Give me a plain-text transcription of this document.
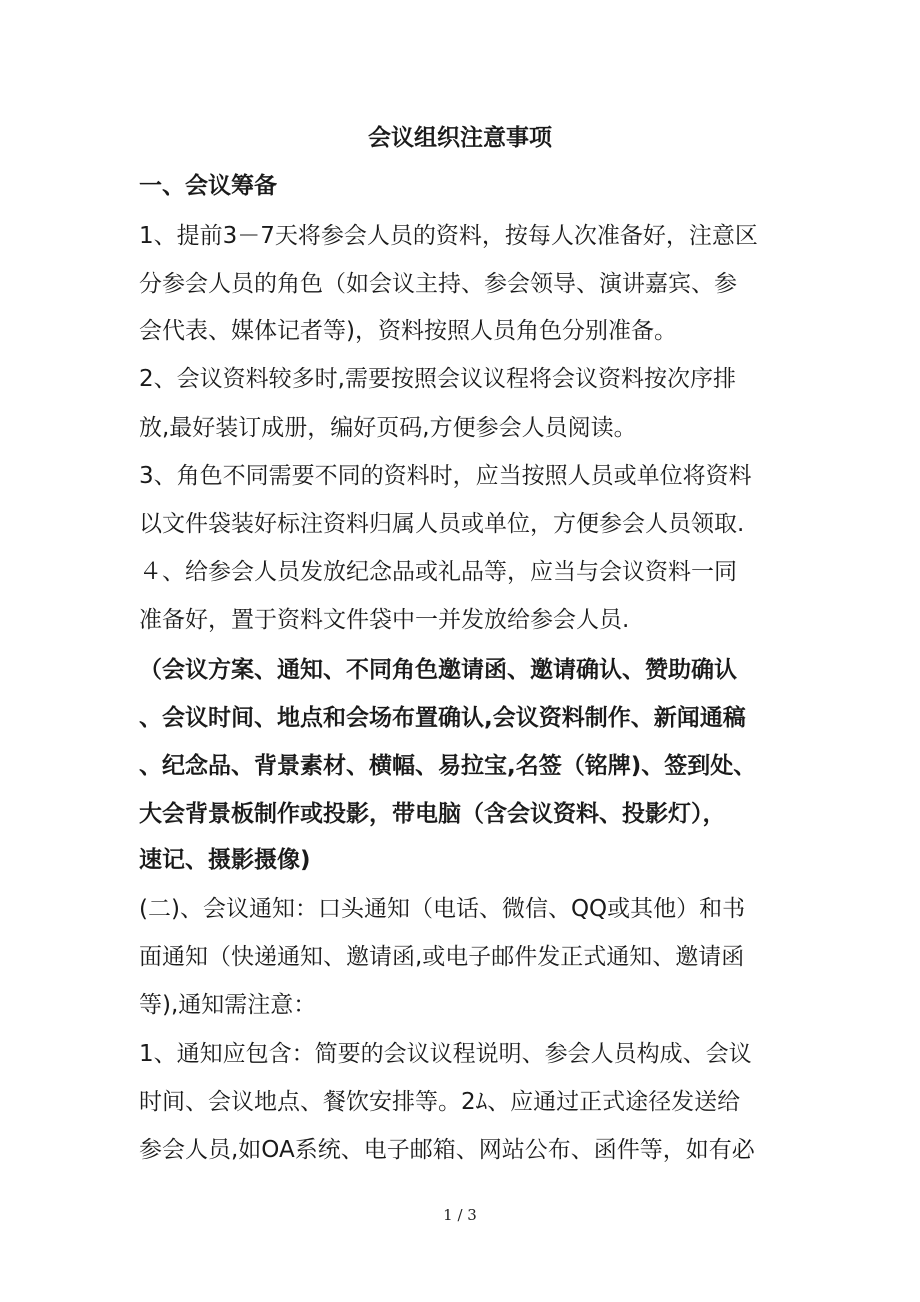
会议组织注意事项
一、会议筹备
1、提前3－7天将参会人员的资料，按每人次准备好，注意区
分参会人员的角色（如会议主持、参会领导、演讲嘉宾、参
会代表、媒体记者等)，资料按照人员角色分别准备。
2、会议资料较多时,需要按照会议议程将会议资料按次序排
放,最好装订成册，编好页码,方便参会人员阅读。
3、角色不同需要不同的资料时，应当按照人员或单位将资料
以文件袋装好标注资料归属人员或单位，方便参会人员领取.
４、给参会人员发放纪念品或礼品等，应当与会议资料一同
准备好，置于资料文件袋中一并发放给参会人员.
（会议方案、通知、不同角色邀请函、邀请确认、赞助确认
、会议时间、地点和会场布置确认,会议资料制作、新闻通稿
、纪念品、背景素材、横幅、易拉宝,名签（铭牌)、签到处、
大会背景板制作或投影，带电脑（含会议资料、投影灯），
速记、摄影摄像)
(二)、会议通知：口头通知（电话、微信、QQ或其他）和书
面通知（快递通知、邀请函,或电子邮件发正式通知、邀请函
等),通知需注意：
1、通知应包含：简要的会议议程说明、参会人员构成、会议
时间、会议地点、餐饮安排等。2ﾑ、应通过正式途径发送给
参会人员,如OA系统、电子邮箱、网站公布、函件等，如有必
1 / 3
